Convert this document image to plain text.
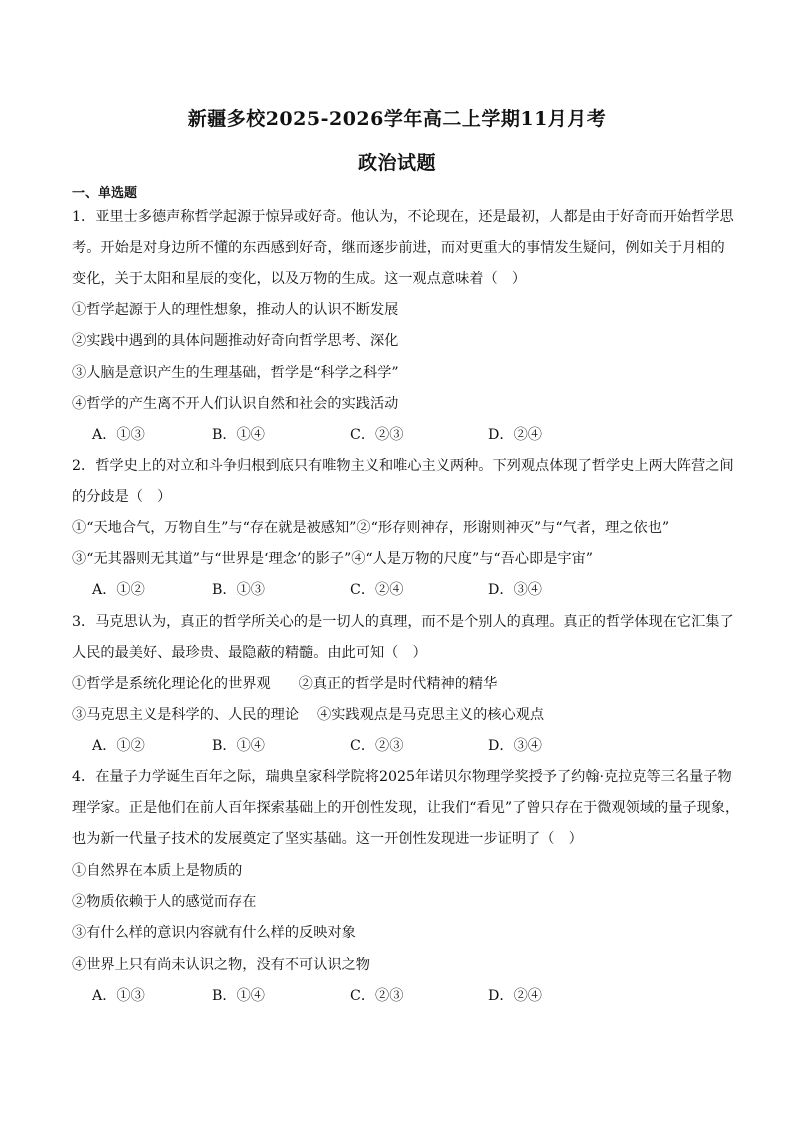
新疆多校2025-2026学年高二上学期11月月考
政治试题
一、单选题
1．亚里士多德声称哲学起源于惊异或好奇。他认为，不论现在，还是最初，人都是由于好奇而开始哲学思
考。开始是对身边所不懂的东西感到好奇，继而逐步前进，而对更重大的事情发生疑问，例如关于月相的
变化，关于太阳和星辰的变化，以及万物的生成。这一观点意味着（　）
①哲学起源于人的理性想象，推动人的认识不断发展
②实践中遇到的具体问题推动好奇向哲学思考、深化
③人脑是意识产生的生理基础，哲学是“科学之科学”
④哲学的产生离不开人们认识自然和社会的实践活动
A．①③	B．①④	C．②③	D．②④
2．哲学史上的对立和斗争归根到底只有唯物主义和唯心主义两种。下列观点体现了哲学史上两大阵营之间
的分歧是（　）
①“天地合气，万物自生”与“存在就是被感知”②“形存则神存，形谢则神灭”与“气者，理之依也”
③“无其器则无其道”与“世界是‘理念’的影子”④“人是万物的尺度”与“吾心即是宇宙”
A．①②	B．①③	C．②④	D．③④
3．马克思认为，真正的哲学所关心的是一切人的真理，而不是个别人的真理。真正的哲学体现在它汇集了
人民的最美好、最珍贵、最隐蔽的精髓。由此可知（　）
①哲学是系统化理论化的世界观 ②真正的哲学是时代精神的精华
③马克思主义是科学的、人民的理论 ④实践观点是马克思主义的核心观点
A．①②	B．①④	C．②③	D．③④
4．在量子力学诞生百年之际，瑞典皇家科学院将2025年诺贝尔物理学奖授予了约翰·克拉克等三名量子物
理学家。正是他们在前人百年探索基础上的开创性发现，让我们“看见”了曾只存在于微观领域的量子现象，
也为新一代量子技术的发展奠定了坚实基础。这一开创性发现进一步证明了（　）
①自然界在本质上是物质的
②物质依赖于人的感觉而存在
③有什么样的意识内容就有什么样的反映对象
④世界上只有尚未认识之物，没有不可认识之物
A．①③	B．①④	C．②③	D．②④
